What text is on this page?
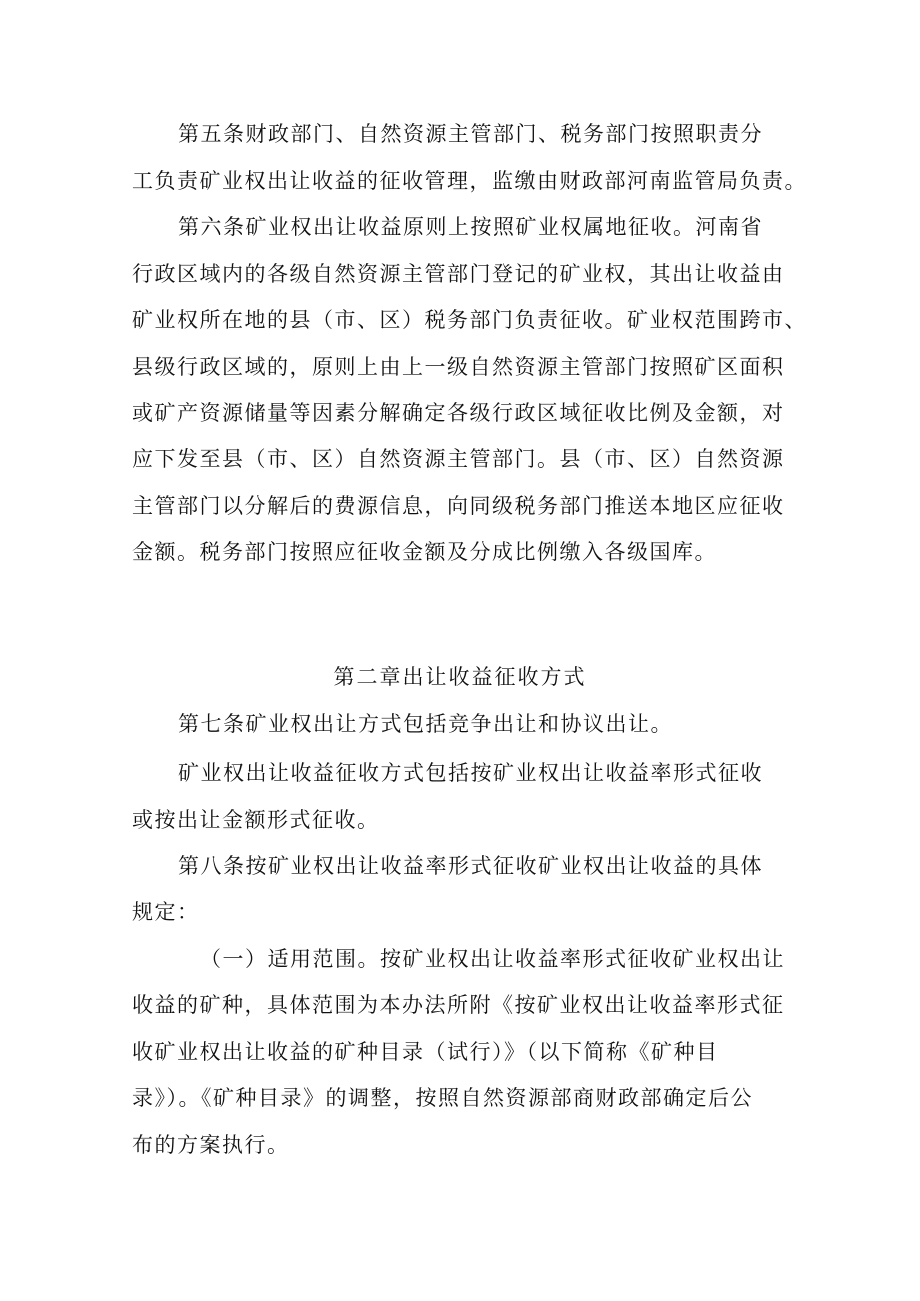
第五条财政部门、自然资源主管部门、税务部门按照职责分
工负责矿业权出让收益的征收管理，监缴由财政部河南监管局负责。
第六条矿业权出让收益原则上按照矿业权属地征收。河南省
行政区域内的各级自然资源主管部门登记的矿业权，其出让收益由
矿业权所在地的县（市、区）税务部门负责征收。矿业权范围跨市、
县级行政区域的，原则上由上一级自然资源主管部门按照矿区面积
或矿产资源储量等因素分解确定各级行政区域征收比例及金额，对
应下发至县（市、区）自然资源主管部门。县（市、区）自然资源
主管部门以分解后的费源信息，向同级税务部门推送本地区应征收
金额。税务部门按照应征收金额及分成比例缴入各级国库。
第二章出让收益征收方式
第七条矿业权出让方式包括竞争出让和协议出让。
矿业权出让收益征收方式包括按矿业权出让收益率形式征收
或按出让金额形式征收。
第八条按矿业权出让收益率形式征收矿业权出让收益的具体
规定：
（一）适用范围。按矿业权出让收益率形式征收矿业权出让
收益的矿种，具体范围为本办法所附《按矿业权出让收益率形式征
收矿业权出让收益的矿种目录（试行）》（以下简称《矿种目
录》）。《矿种目录》的调整，按照自然资源部商财政部确定后公
布的方案执行。
